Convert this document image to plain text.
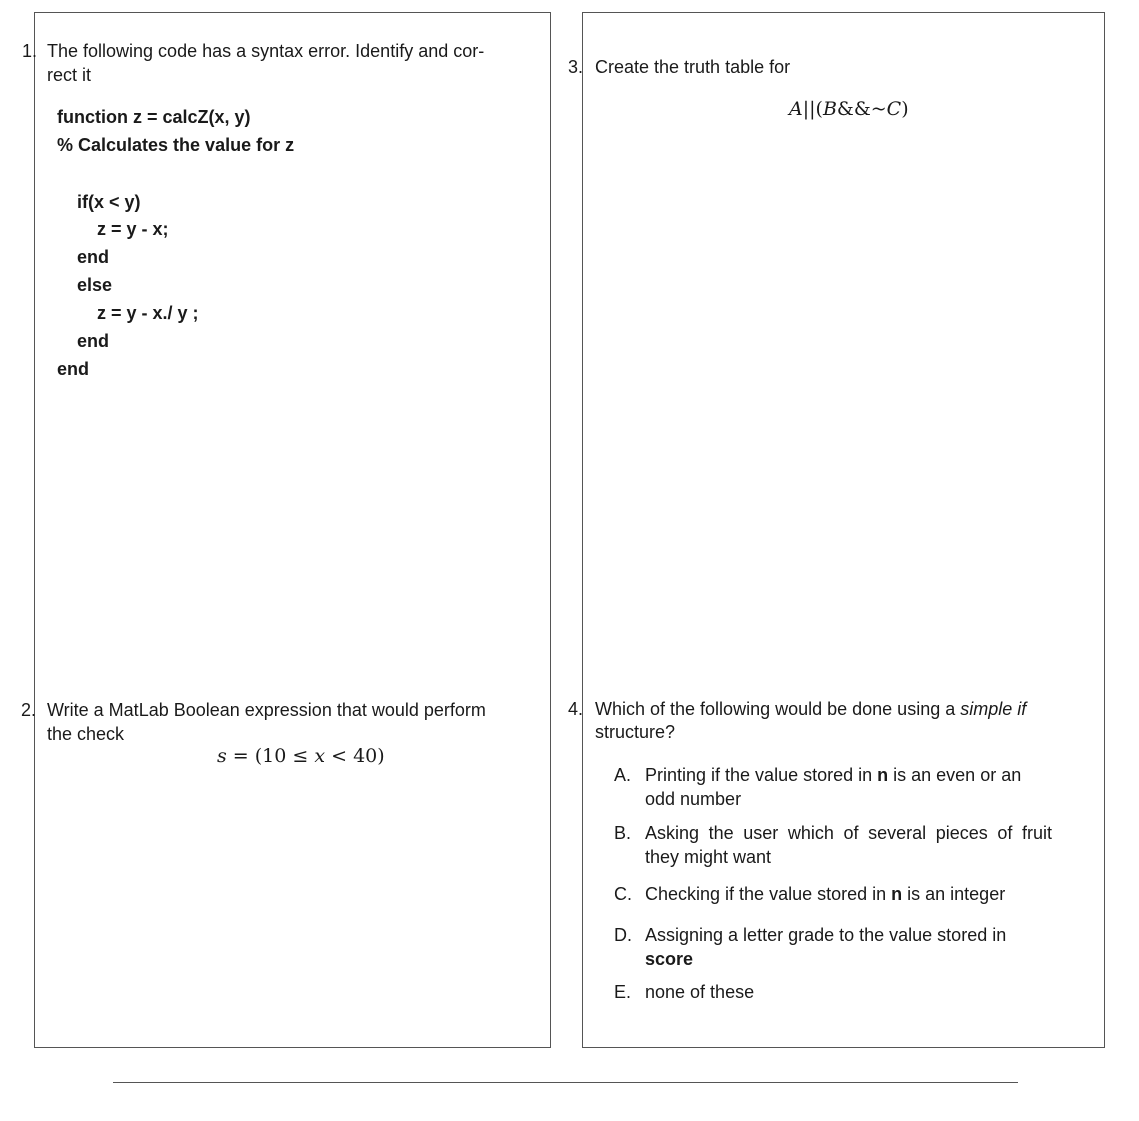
1. The following code has a syntax error. Identify and cor-
rect it
function z = calcZ(x, y)
% Calculates the value for z
if(x < y)
z = y - x;
end
else
z = y - x./ y ;
end
end
2. Write a MatLab Boolean expression that would perform
the check
s = (10 ≤ x < 40)
3. Create the truth table for
A||(B&&~C)
4. Which of the following would be done using a simple if
structure?
A. Printing if the value stored in n is an even or an odd number
B. Asking the user which of several pieces of fruit they might want
C. Checking if the value stored in n is an integer
D. Assigning a letter grade to the value stored in score
E. none of these
